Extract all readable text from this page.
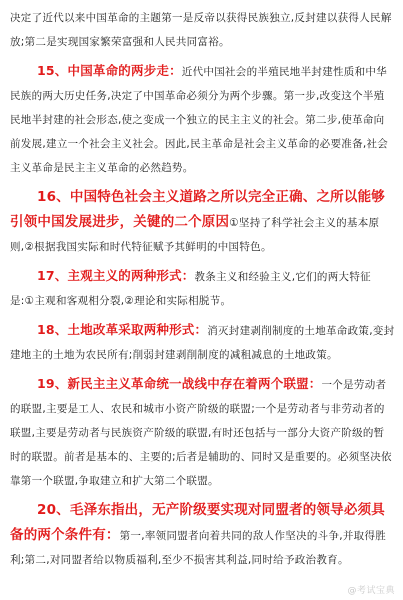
决定了近代以来中国革命的主题第一是反帝以获得民族独立,反封建以获得人民解放;第二是实现国家繁荣富强和人民共同富裕。

15、中国革命的两步走：近代中国社会的半殖民地半封建性质和中华民族的两大历史任务,决定了中国革命必须分为两个步骤。第一步,改变这个半殖民地半封建的社会形态,使之变成一个独立的民主主义的社会。第二步,使革命向前发展,建立一个社会主义社会。因此,民主革命是社会主义革命的必要准备,社会主义革命是民主主义革命的必然趋势。

16、中国特色社会主义道路之所以完全正确、之所以能够引领中国发展进步，关键的二个原因①坚持了科学社会主义的基本原则,②根据我国实际和时代特征赋予其鲜明的中国特色。

17、主观主义的两种形式：教条主义和经验主义,它们的两大特征是:①主观和客观相分裂,②理论和实际相脱节。

18、土地改革采取两种形式：消灭封建剥削制度的土地革命政策,变封建地主的土地为农民所有;削弱封建剥削制度的减租减息的土地政策。

19、新民主主义革命统一战线中存在着两个联盟：一个是劳动者的联盟,主要是工人、农民和城市小资产阶级的联盟;一个是劳动者与非劳动者的联盟,主要是劳动者与民族资产阶级的联盟,有时还包括与一部分大资产阶级的暂时的联盟。前者是基本的、主要的;后者是辅助的、同时又是重要的。必须坚决依靠第一个联盟,争取建立和扩大第二个联盟。

20、毛泽东指出，无产阶级要实现对同盟者的领导必须具备的两个条件有：第一,率领同盟者向着共同的敌人作坚决的斗争,并取得胜利;第二,对同盟者给以物质福利,至少不损害其利益,同时给予政治教育。

@考试宝典
